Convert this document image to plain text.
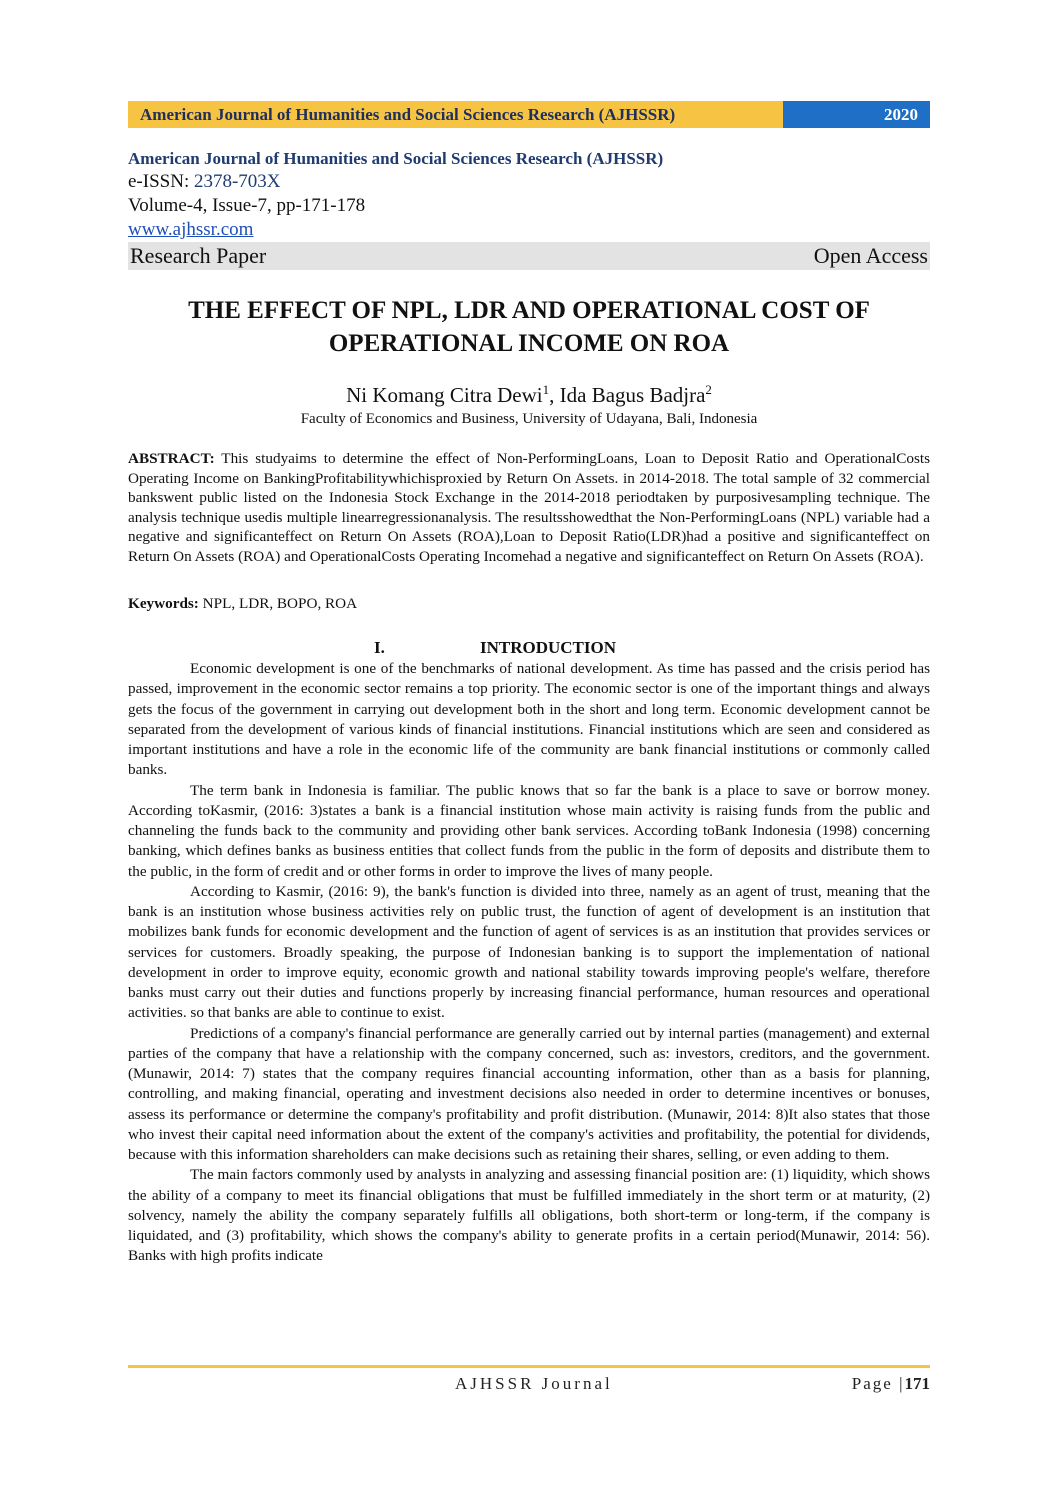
American Journal of Humanities and Social Sciences Research (AJHSSR)	2020
American Journal of Humanities and Social Sciences Research (AJHSSR)
e-ISSN: 2378-703X
Volume-4, Issue-7, pp-171-178
www.ajhssr.com
Research Paper	Open Access
THE EFFECT OF NPL, LDR AND OPERATIONAL COST OF
OPERATIONAL INCOME ON ROA
Ni Komang Citra Dewi$^1$, Ida Bagus Badjra$^2$
Faculty of Economics and Business, University of Udayana, Bali, Indonesia
ABSTRACT: This studyaims to determine the effect of Non-PerformingLoans, Loan to Deposit Ratio and OperationalCosts Operating Income on BankingProfitabilitywhichisproxied by Return On Assets. in 2014-2018. The total sample of 32 commercial bankswent public listed on the Indonesia Stock Exchange in the 2014-2018 periodtaken by purposivesampling technique. The analysis technique usedis multiple linearregressionanalysis. The resultsshowedthat the Non-PerformingLoans (NPL) variable had a negative and significanteffect on Return On Assets (ROA),Loan to Deposit Ratio(LDR)had a positive and significanteffect on Return On Assets (ROA) and OperationalCosts Operating Incomehad a negative and significanteffect on Return On Assets (ROA).
Keywords: NPL, LDR, BOPO, ROA
I.	INTRODUCTION

Economic development is one of the benchmarks of national development. As time has passed and the crisis period has passed, improvement in the economic sector remains a top priority. The economic sector is one of the important things and always gets the focus of the government in carrying out development both in the short and long term. Economic development cannot be separated from the development of various kinds of financial institutions. Financial institutions which are seen and considered as important institutions and have a role in the economic life of the community are bank financial institutions or commonly called banks.

The term bank in Indonesia is familiar. The public knows that so far the bank is a place to save or borrow money. According toKasmir, (2016: 3)states a bank is a financial institution whose main activity is raising funds from the public and channeling the funds back to the community and providing other bank services. According toBank Indonesia (1998) concerning banking, which defines banks as business entities that collect funds from the public in the form of deposits and distribute them to the public, in the form of credit and or other forms in order to improve the lives of many people.

According to Kasmir, (2016: 9), the bank's function is divided into three, namely as an agent of trust, meaning that the bank is an institution whose business activities rely on public trust, the function of agent of development is an institution that mobilizes bank funds for economic development and the function of agent of services is as an institution that provides services or services for customers. Broadly speaking, the purpose of Indonesian banking is to support the implementation of national development in order to improve equity, economic growth and national stability towards improving people's welfare, therefore banks must carry out their duties and functions properly by increasing financial performance, human resources and operational activities. so that banks are able to continue to exist.

Predictions of a company's financial performance are generally carried out by internal parties (management) and external parties of the company that have a relationship with the company concerned, such as: investors, creditors, and the government. (Munawir, 2014: 7) states that the company requires financial accounting information, other than as a basis for planning, controlling, and making financial, operating and investment decisions also needed in order to determine incentives or bonuses, assess its performance or determine the company's profitability and profit distribution. (Munawir, 2014: 8)It also states that those who invest their capital need information about the extent of the company's activities and profitability, the potential for dividends, because with this information shareholders can make decisions such as retaining their shares, selling, or even adding to them.

The main factors commonly used by analysts in analyzing and assessing financial position are: (1) liquidity, which shows the ability of a company to meet its financial obligations that must be fulfilled immediately in the short term or at maturity, (2) solvency, namely the ability the company separately fulfills all obligations, both short-term or long-term, if the company is liquidated, and (3) profitability, which shows the company's ability to generate profits in a certain period(Munawir, 2014: 56). Banks with high profits indicate

AJHSSR Journal	Page |171
